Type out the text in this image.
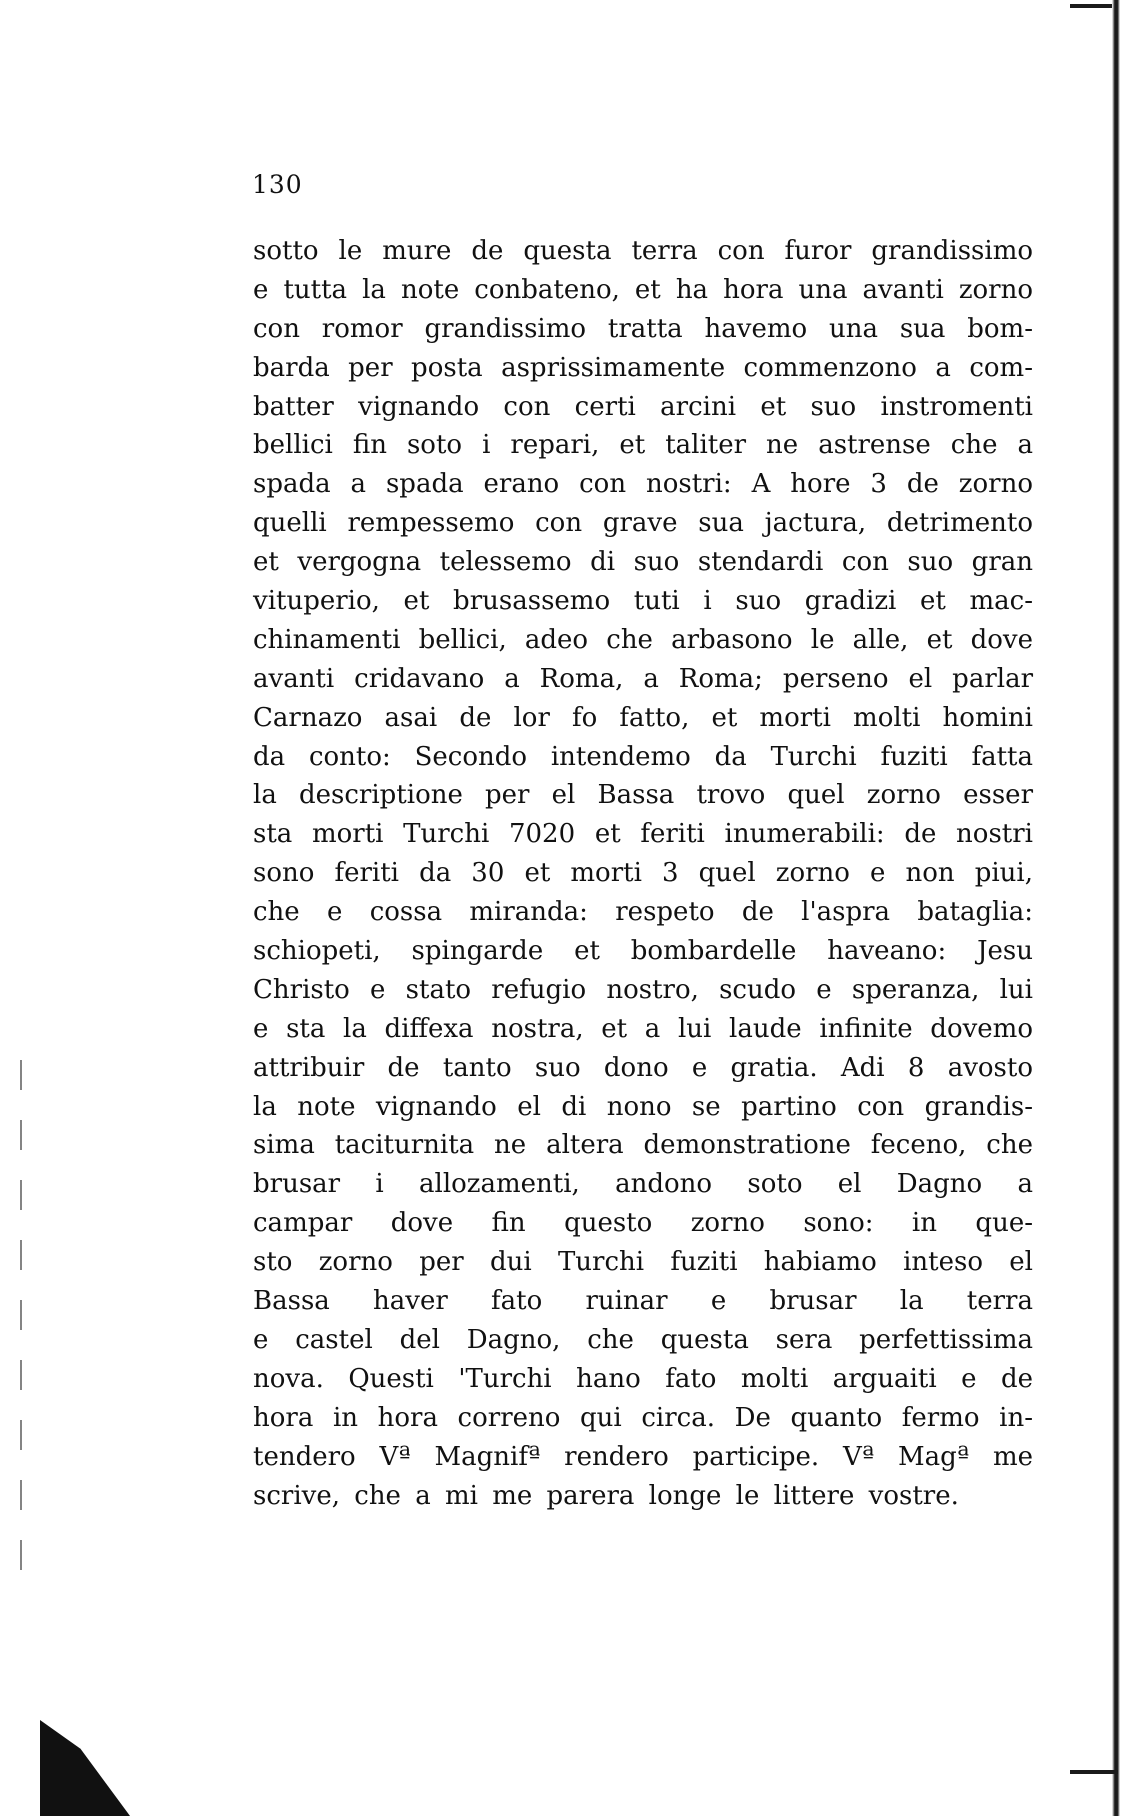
130
sotto le mure de questa terra con furor grandissimo
e tutta la note conbateno, et ha hora una avanti zorno
con romor grandissimo tratta havemo una sua bom-
barda per posta asprissimamente commenzono a com-
batter vignando con certi arcini et suo instromenti
bellici fin soto i repari, et taliter ne astrense che a
spada a spada erano con nostri: A hore 3 de zorno
quelli rempessemo con grave sua jactura, detrimento
et vergogna telessemo di suo stendardi con suo gran
vituperio, et brusassemo tuti i suo gradizi et mac-
chinamenti bellici, adeo che arbasono le alle, et dove
avanti cridavano a Roma, a Roma; perseno el parlar
Carnazo asai de lor fo fatto, et morti molti homini
da conto: Secondo intendemo da Turchi fuziti fatta
la descriptione per el Bassa trovo quel zorno esser
sta morti Turchi 7020 et feriti inumerabili: de nostri
sono feriti da 30 et morti 3 quel zorno e non piui,
che e cossa miranda: respeto de l'aspra bataglia:
schiopeti, spingarde et bombardelle haveano: Jesu
Christo e stato refugio nostro, scudo e speranza, lui
e sta la diffexa nostra, et a lui laude infinite dovemo
attribuir de tanto suo dono e gratia. Adi 8 avosto
la note vignando el di nono se partino con grandis-
sima taciturnita ne altera demonstratione feceno, che
brusar i allozamenti, andono soto el Dagno a
campar dove fin questo zorno sono: in que-
sto zorno per dui Turchi fuziti habiamo inteso el
Bassa haver fato ruinar e brusar la terra
e castel del Dagno, che questa sera perfettissima
nova. Questi 'Turchi hano fato molti arguaiti e de
hora in hora correno qui circa. De quanto fermo in-
tendero Vª Magnifª rendero participe. Vª Magª me
scrive, che a mi me parera longe le littere vostre.
